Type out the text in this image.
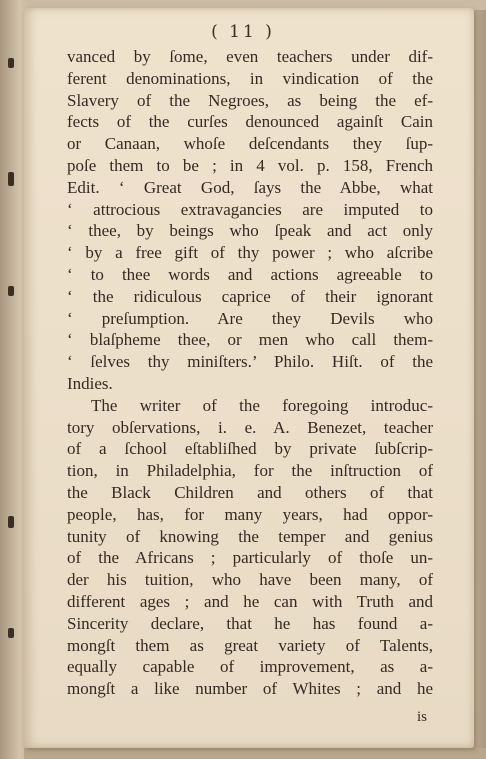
( 11 )
vanced by ſome, even teachers under dif-
ferent denominations, in vindication of the
Slavery of the Negroes, as being the ef-
fects of the curſes denounced againſt Cain
or Canaan, whoſe deſcendants they ſup-
poſe them to be ; in 4 vol. p. 158, French
Edit. ‘ Great God, ſays the Abbe, what
‘ attrocious extravagancies are imputed to
‘ thee, by beings who ſpeak and act only
‘ by a free gift of thy power ; who aſcribe
‘ to thee words and actions agreeable to
‘ the ridiculous caprice of their ignorant
‘ preſumption. Are they Devils who
‘ blaſpheme thee, or men who call them-
‘ ſelves thy miniſters.’ Philo. Hiſt. of the
Indies.
The writer of the foregoing introduc-
tory obſervations, i. e. A. Benezet, teacher
of a ſchool eſtabliſhed by private ſubſcrip-
tion, in Philadelphia, for the inſtruction of
the Black Children and others of that
people, has, for many years, had oppor-
tunity of knowing the temper and genius
of the Africans ; particularly of thoſe un-
der his tuition, who have been many, of
different ages ; and he can with Truth and
Sincerity declare, that he has found a-
mongſt them as great variety of Talents,
equally capable of improvement, as a-
mongſt a like number of Whites ; and he
is
